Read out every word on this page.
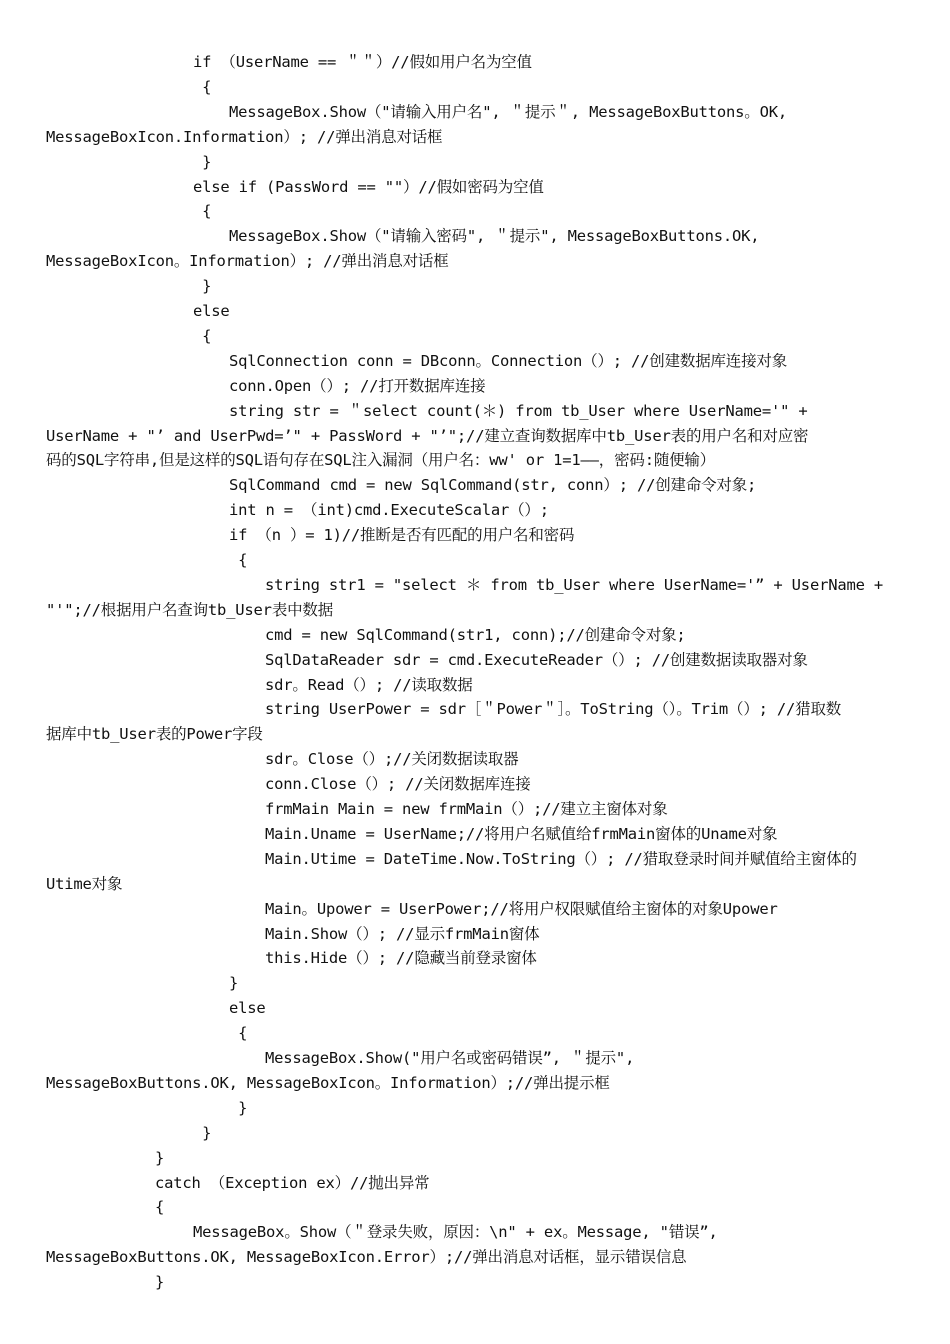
if （UserName == ＂＂）//假如用户名为空值
{
MessageBox.Show（"请输入用户名", ＂提示＂, MessageBoxButtons。OK,
MessageBoxIcon.Information）; //弹出消息对话框
}
else if (PassWord == ""）//假如密码为空值
{
MessageBox.Show（"请输入密码", ＂提示", MessageBoxButtons.OK,
MessageBoxIcon。Information）; //弹出消息对话框
}
else
{
SqlConnection conn = DBconn。Connection（）; //创建数据库连接对象
conn.Open（）; //打开数据库连接
string str = ＂select count(＊) from tb_User where UserName='" +
UserName + "’ and UserPwd=’" + PassWord + "’";//建立查询数据库中tb_User表的用户名和对应密
码的SQL字符串,但是这样的SQL语句存在SQL注入漏洞（用户名：ww' or 1=1——，密码:随便输）
SqlCommand cmd = new SqlCommand(str, conn）; //创建命令对象;
int n = （int)cmd.ExecuteScalar（）;
if （n ）= 1)//推断是否有匹配的用户名和密码
{
string str1 = "select ＊ from tb_User where UserName='” + UserName +
"'";//根据用户名查询tb_User表中数据
cmd = new SqlCommand(str1, conn);//创建命令对象;
SqlDataReader sdr = cmd.ExecuteReader（）; //创建数据读取器对象
sdr。Read（）; //读取数据
string UserPower = sdr［＂Power＂］。ToString（）。Trim（）; //猎取数
据库中tb_User表的Power字段
sdr。Close（）;//关闭数据读取器
conn.Close（）; //关闭数据库连接
frmMain Main = new frmMain（）;//建立主窗体对象
Main.Uname = UserName;//将用户名赋值给frmMain窗体的Uname对象
Main.Utime = DateTime.Now.ToString（）; //猎取登录时间并赋值给主窗体的
Utime对象
Main。Upower = UserPower;//将用户权限赋值给主窗体的对象Upower
Main.Show（）; //显示frmMain窗体
this.Hide（）; //隐藏当前登录窗体
}
else
{
MessageBox.Show("用户名或密码错误”, ＂提示",
MessageBoxButtons.OK, MessageBoxIcon。Information）;//弹出提示框
}
}
}
catch （Exception ex）//抛出异常
{
MessageBox。Show（＂登录失败，原因：\n" + ex。Message, "错误”,
MessageBoxButtons.OK, MessageBoxIcon.Error）;//弹出消息对话框，显示错误信息
}
